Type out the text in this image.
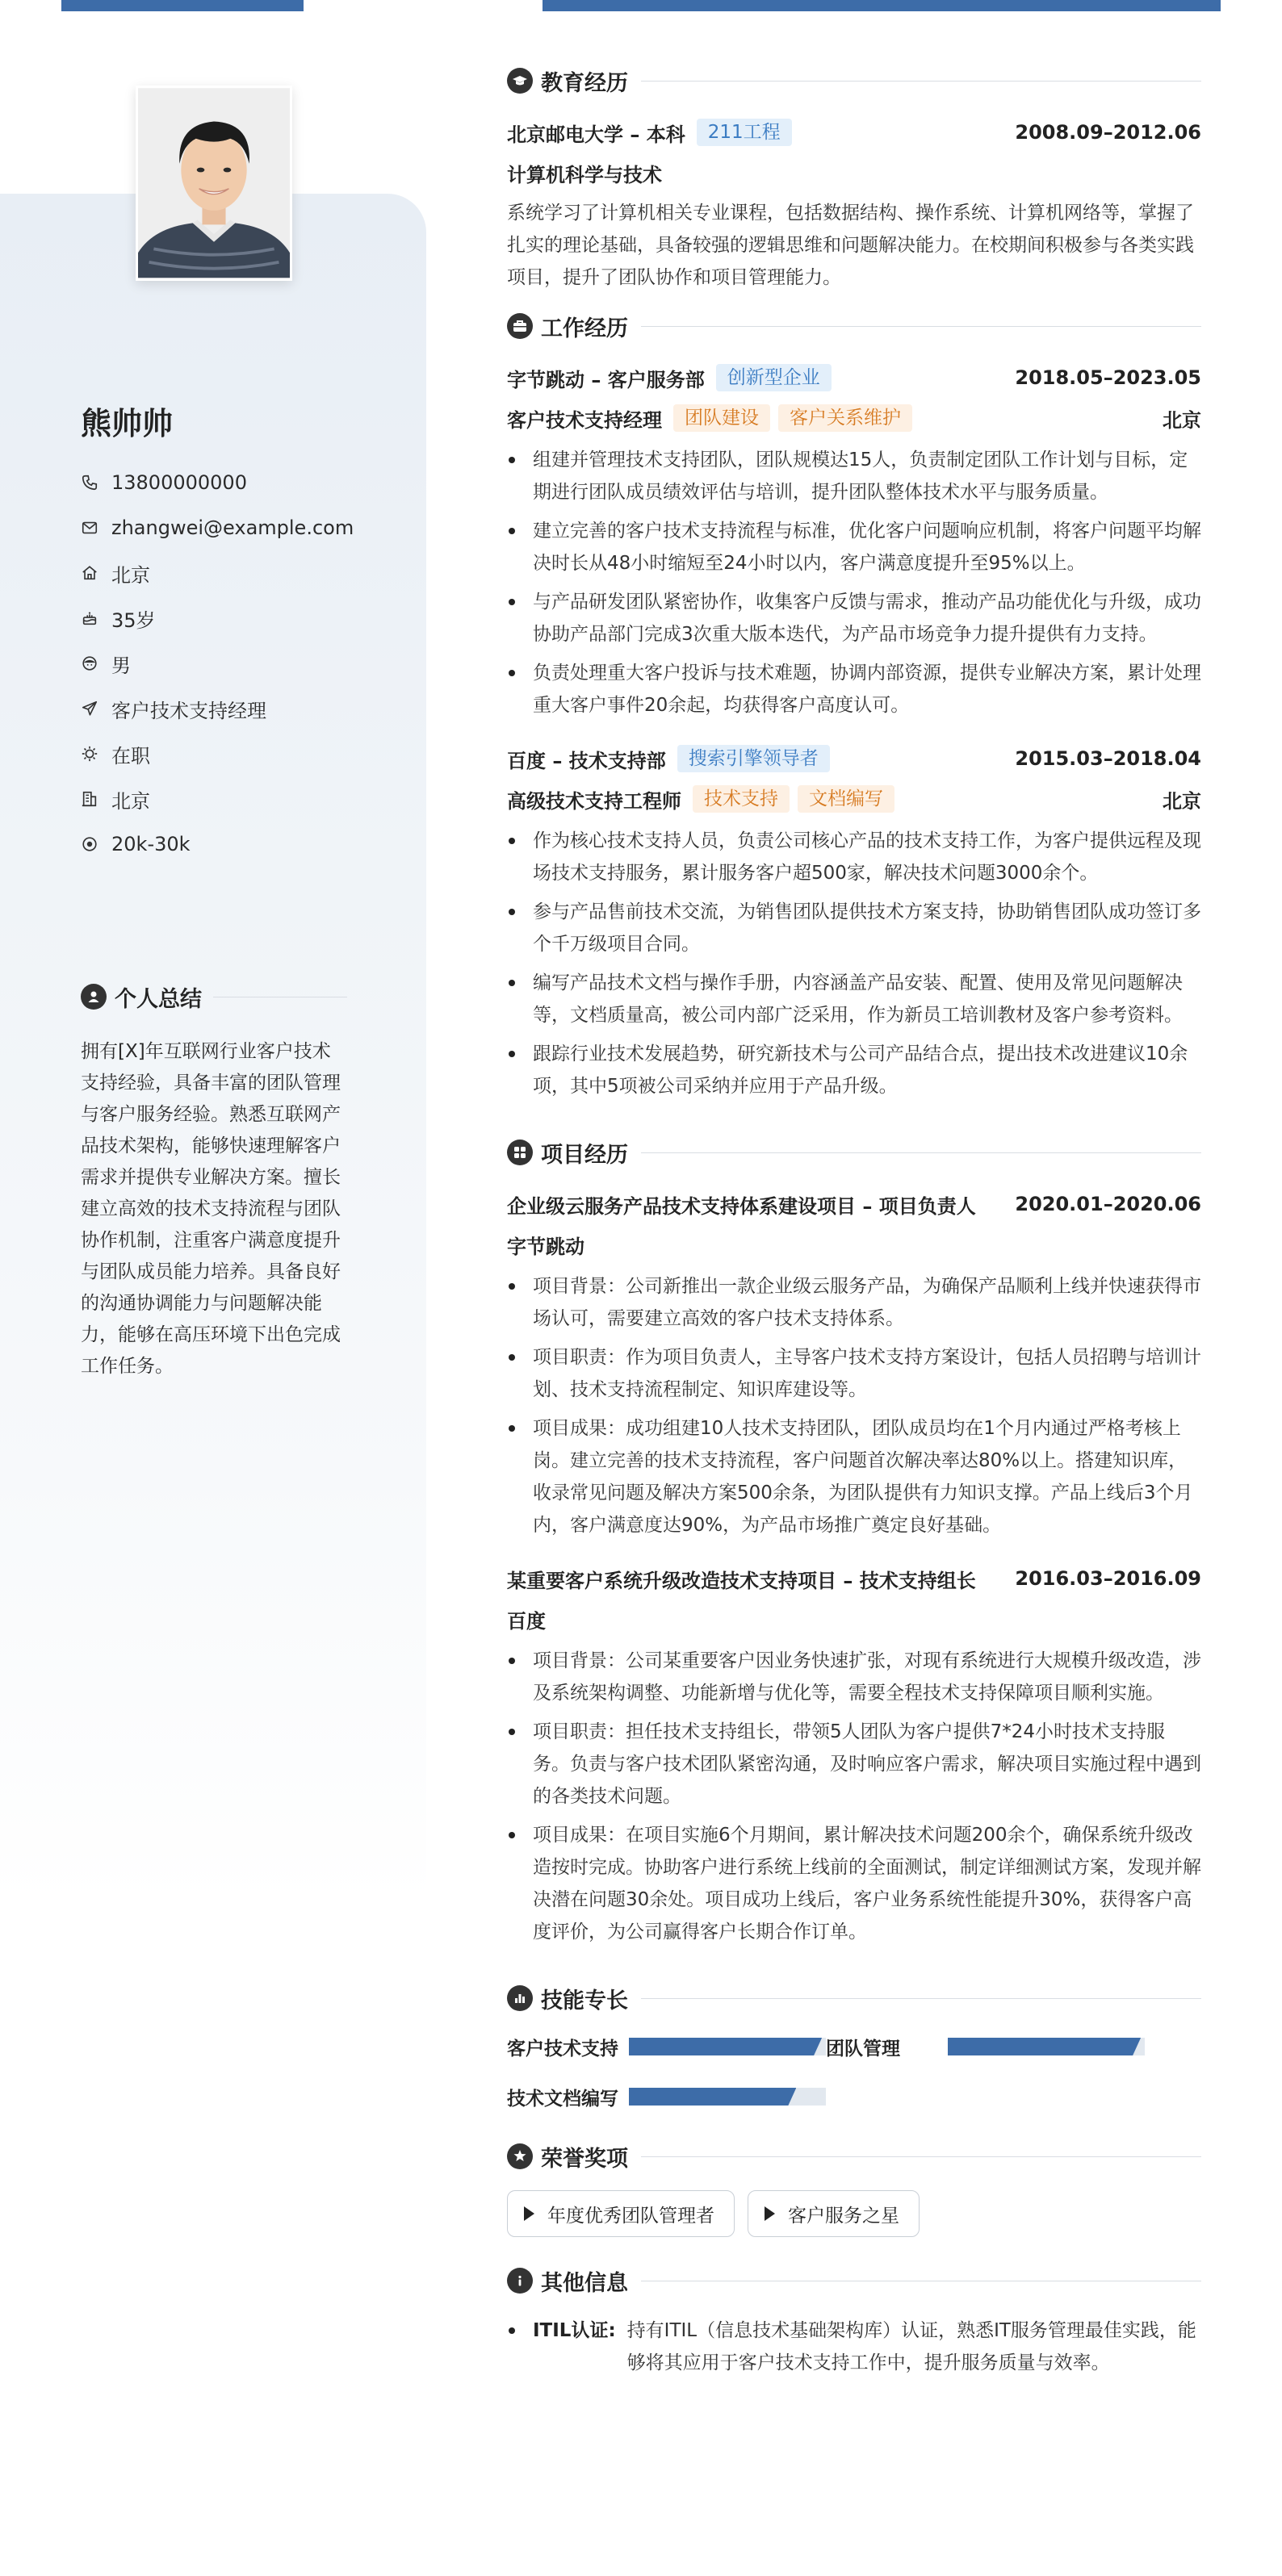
熊帅帅
13800000000
zhangwei@example.com
北京
35岁
男
客户技术支持经理
在职
北京
20k-30k
个人总结
拥有[X]年互联网行业客户技术支持经验，具备丰富的团队管理与客户服务经验。熟悉互联网产品技术架构，能够快速理解客户需求并提供专业解决方案。擅长建立高效的技术支持流程与团队协作机制，注重客户满意度提升与团队成员能力培养。具备良好的沟通协调能力与问题解决能力，能够在高压环境下出色完成工作任务。
教育经历
北京邮电大学 – 本科	211工程	2008.09–2012.06
计算机科学与技术
系统学习了计算机相关专业课程，包括数据结构、操作系统、计算机网络等，掌握了扎实的理论基础，具备较强的逻辑思维和问题解决能力。在校期间积极参与各类实践项目，提升了团队协作和项目管理能力。
工作经历
字节跳动 – 客户服务部	创新型企业	2018.05–2023.05
客户技术支持经理	团队建设	客户关系维护	北京
组建并管理技术支持团队，团队规模达15人，负责制定团队工作计划与目标，定期进行团队成员绩效评估与培训，提升团队整体技术水平与服务质量。
建立完善的客户技术支持流程与标准，优化客户问题响应机制，将客户问题平均解决时长从48小时缩短至24小时以内，客户满意度提升至95%以上。
与产品研发团队紧密协作，收集客户反馈与需求，推动产品功能优化与升级，成功协助产品部门完成3次重大版本迭代，为产品市场竞争力提升提供有力支持。
负责处理重大客户投诉与技术难题，协调内部资源，提供专业解决方案，累计处理重大客户事件20余起，均获得客户高度认可。
百度 – 技术支持部	搜索引擎领导者	2015.03–2018.04
高级技术支持工程师	技术支持	文档编写	北京
作为核心技术支持人员，负责公司核心产品的技术支持工作，为客户提供远程及现场技术支持服务，累计服务客户超500家，解决技术问题3000余个。
参与产品售前技术交流，为销售团队提供技术方案支持，协助销售团队成功签订多个千万级项目合同。
编写产品技术文档与操作手册，内容涵盖产品安装、配置、使用及常见问题解决等，文档质量高，被公司内部广泛采用，作为新员工培训教材及客户参考资料。
跟踪行业技术发展趋势，研究新技术与公司产品结合点，提出技术改进建议10余项，其中5项被公司采纳并应用于产品升级。
项目经历
企业级云服务产品技术支持体系建设项目 – 项目负责人	2020.01–2020.06
字节跳动
项目背景：公司新推出一款企业级云服务产品，为确保产品顺利上线并快速获得市场认可，需要建立高效的客户技术支持体系。
项目职责：作为项目负责人，主导客户技术支持方案设计，包括人员招聘与培训计划、技术支持流程制定、知识库建设等。
项目成果：成功组建10人技术支持团队，团队成员均在1个月内通过严格考核上岗。建立完善的技术支持流程，客户问题首次解决率达80%以上。搭建知识库，收录常见问题及解决方案500余条，为团队提供有力知识支撑。产品上线后3个月内，客户满意度达90%，为产品市场推广奠定良好基础。
某重要客户系统升级改造技术支持项目 – 技术支持组长	2016.03–2016.09
百度
项目背景：公司某重要客户因业务快速扩张，对现有系统进行大规模升级改造，涉及系统架构调整、功能新增与优化等，需要全程技术支持保障项目顺利实施。
项目职责：担任技术支持组长，带领5人团队为客户提供7*24小时技术支持服务。负责与客户技术团队紧密沟通，及时响应客户需求，解决项目实施过程中遇到的各类技术问题。
项目成果：在项目实施6个月期间，累计解决技术问题200余个，确保系统升级改造按时完成。协助客户进行系统上线前的全面测试，制定详细测试方案，发现并解决潜在问题30余处。项目成功上线后，客户业务系统性能提升30%，获得客户高度评价，为公司赢得客户长期合作订单。
技能专长
客户技术支持	团队管理
技术文档编写
荣誉奖项
年度优秀团队管理者	客户服务之星
其他信息
ITIL认证: 持有ITIL（信息技术基础架构库）认证，熟悉IT服务管理最佳实践，能够将其应用于客户技术支持工作中，提升服务质量与效率。
